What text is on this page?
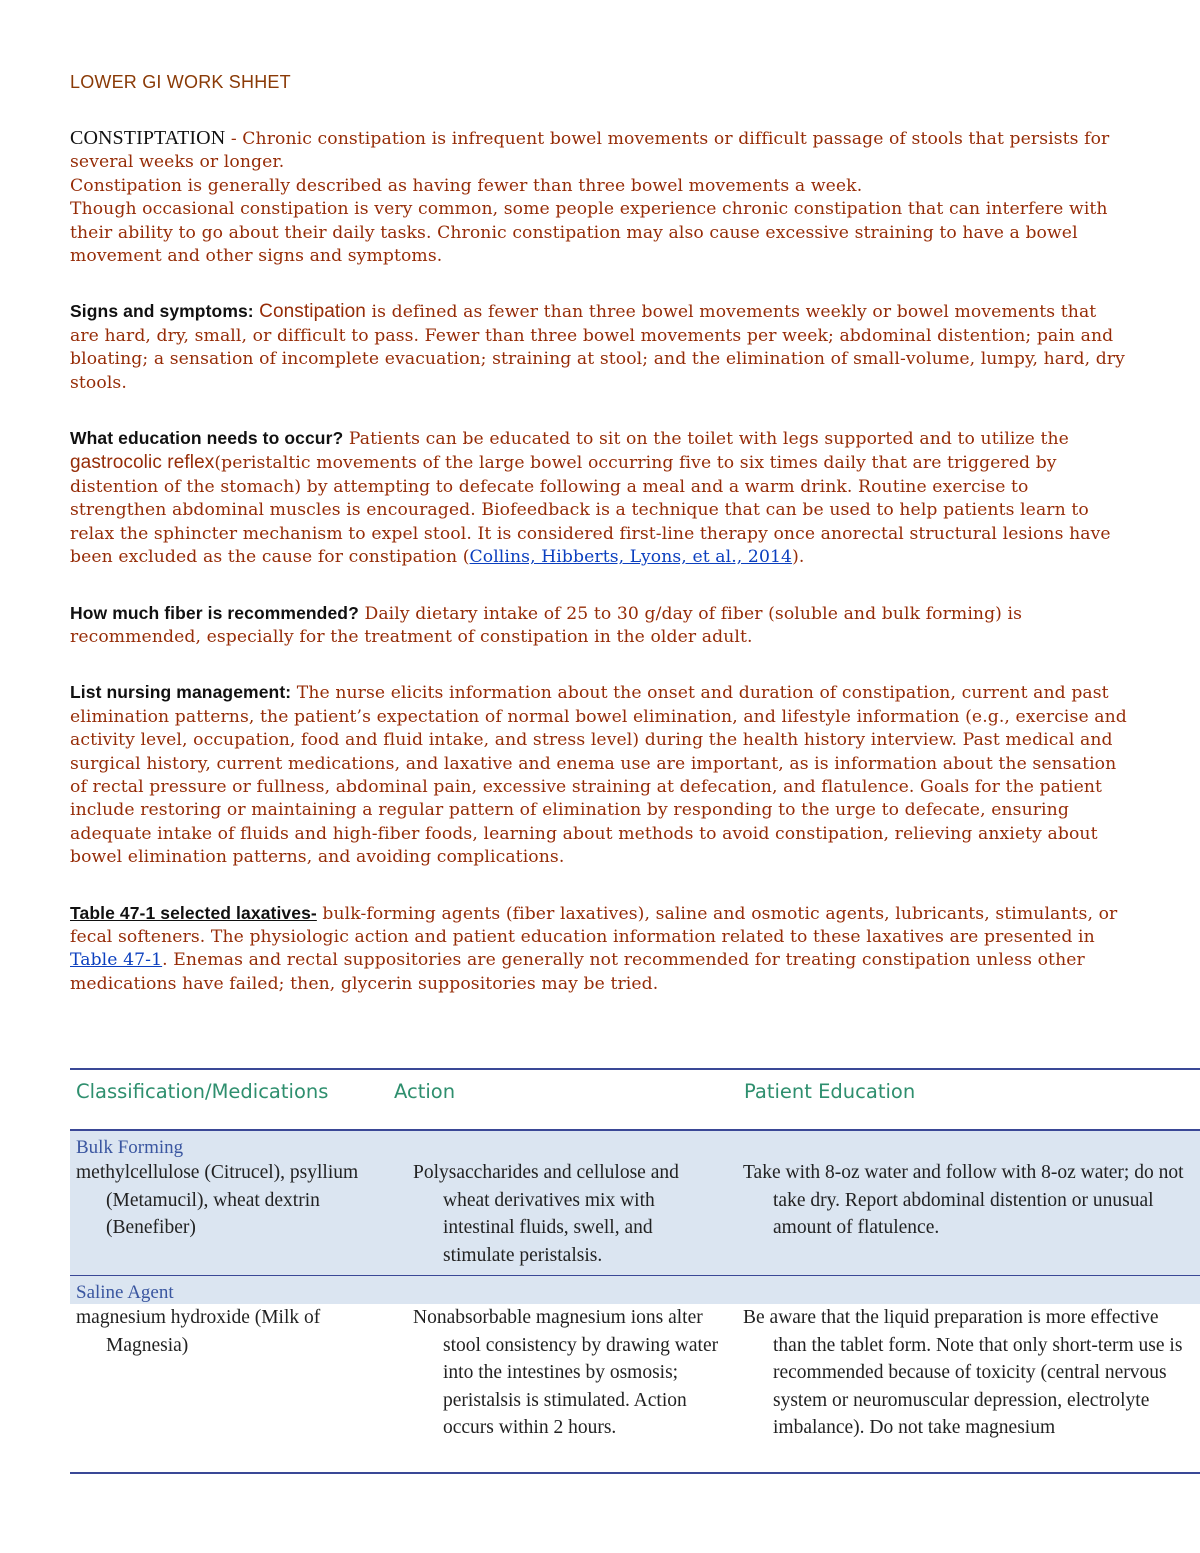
LOWER GI WORK SHHET

CONSTIPTATION - Chronic constipation is infrequent bowel movements or difficult passage of stools that persists for several weeks or longer.
Constipation is generally described as having fewer than three bowel movements a week.
Though occasional constipation is very common, some people experience chronic constipation that can interfere with their ability to go about their daily tasks. Chronic constipation may also cause excessive straining to have a bowel movement and other signs and symptoms.

Signs and symptoms: Constipation is defined as fewer than three bowel movements weekly or bowel movements that are hard, dry, small, or difficult to pass. Fewer than three bowel movements per week; abdominal distention; pain and bloating; a sensation of incomplete evacuation; straining at stool; and the elimination of small-volume, lumpy, hard, dry stools.

What education needs to occur? Patients can be educated to sit on the toilet with legs supported and to utilize the gastrocolic reflex(peristaltic movements of the large bowel occurring five to six times daily that are triggered by distention of the stomach) by attempting to defecate following a meal and a warm drink. Routine exercise to strengthen abdominal muscles is encouraged. Biofeedback is a technique that can be used to help patients learn to relax the sphincter mechanism to expel stool. It is considered first-line therapy once anorectal structural lesions have been excluded as the cause for constipation (Collins, Hibberts, Lyons, et al., 2014).

How much fiber is recommended? Daily dietary intake of 25 to 30 g/day of fiber (soluble and bulk forming) is recommended, especially for the treatment of constipation in the older adult.

List nursing management: The nurse elicits information about the onset and duration of constipation, current and past elimination patterns, the patient’s expectation of normal bowel elimination, and lifestyle information (e.g., exercise and activity level, occupation, food and fluid intake, and stress level) during the health history interview. Past medical and surgical history, current medications, and laxative and enema use are important, as is information about the sensation of rectal pressure or fullness, abdominal pain, excessive straining at defecation, and flatulence. Goals for the patient include restoring or maintaining a regular pattern of elimination by responding to the urge to defecate, ensuring adequate intake of fluids and high-fiber foods, learning about methods to avoid constipation, relieving anxiety about bowel elimination patterns, and avoiding complications.

Table 47-1 selected laxatives- bulk-forming agents (fiber laxatives), saline and osmotic agents, lubricants, stimulants, or fecal softeners. The physiologic action and patient education information related to these laxatives are presented in Table 47-1. Enemas and rectal suppositories are generally not recommended for treating constipation unless other medications have failed; then, glycerin suppositories may be tried.

Classification/Medications	Action	Patient Education
Bulk Forming
methylcellulose (Citrucel), psyllium (Metamucil), wheat dextrin (Benefiber)
Polysaccharides and cellulose and wheat derivatives mix with intestinal fluids, swell, and stimulate peristalsis.
Take with 8-oz water and follow with 8-oz water; do not take dry. Report abdominal distention or unusual amount of flatulence.
Saline Agent
magnesium hydroxide (Milk of Magnesia)
Nonabsorbable magnesium ions alter stool consistency by drawing water into the intestines by osmosis; peristalsis is stimulated. Action occurs within 2 hours.
Be aware that the liquid preparation is more effective than the tablet form. Note that only short-term use is recommended because of toxicity (central nervous system or neuromuscular depression, electrolyte imbalance). Do not take magnesium
